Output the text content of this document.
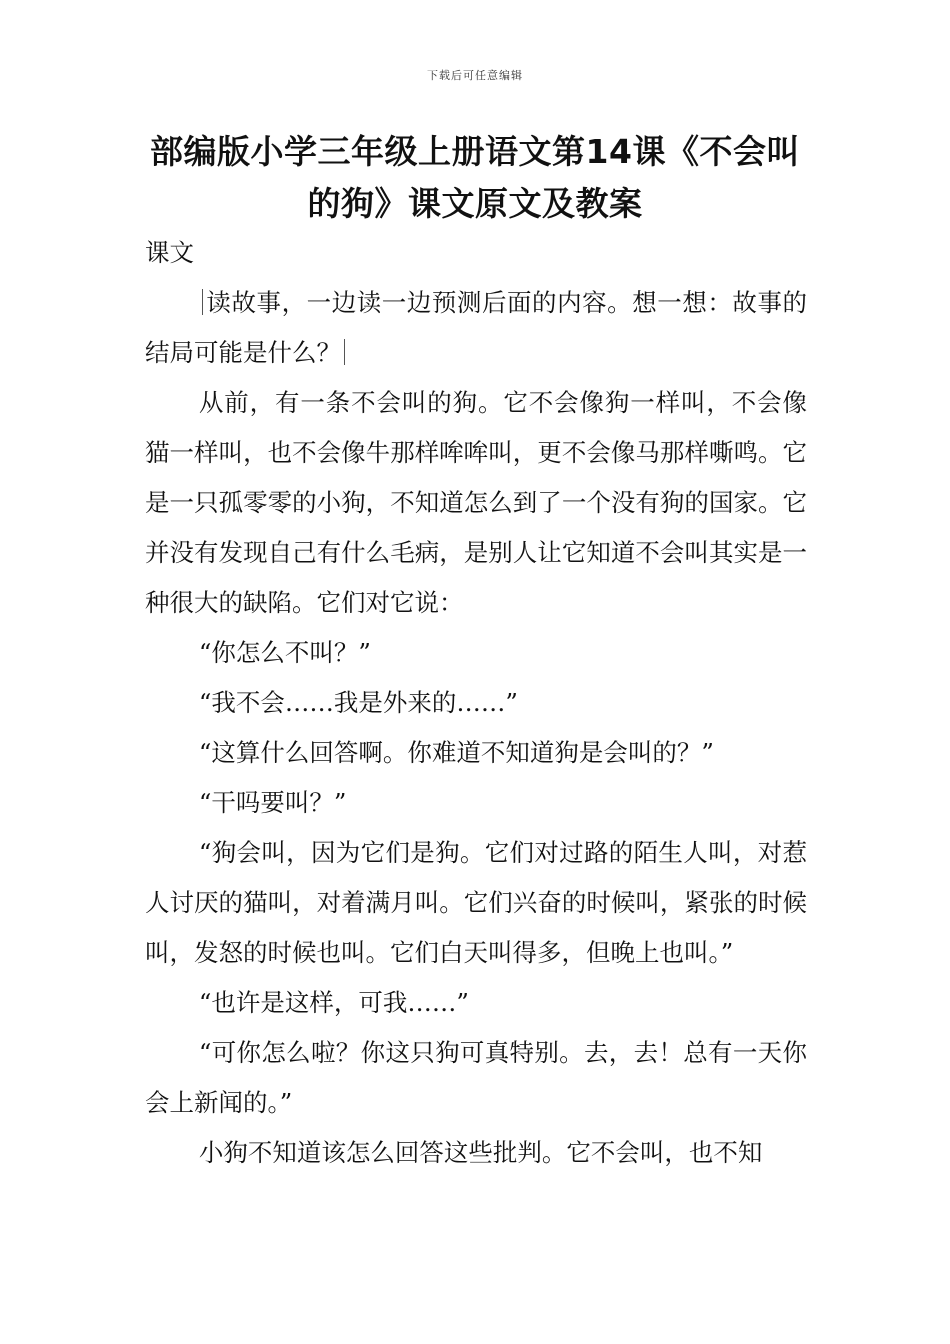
下载后可任意编辑
部编版小学三年级上册语文第14课《不会叫的狗》课文原文及教案

课文

读故事，一边读一边预测后面的内容。想一想：故事的结局可能是什么？

从前，有一条不会叫的狗。它不会像狗一样叫，不会像猫一样叫，也不会像牛那样哞哞叫，更不会像马那样嘶鸣。它是一只孤零零的小狗，不知道怎么到了一个没有狗的国家。它并没有发现自己有什么毛病，是别人让它知道不会叫其实是一种很大的缺陷。它们对它说：

“你怎么不叫？”

“我不会……我是外来的……”

“这算什么回答啊。你难道不知道狗是会叫的？”

“干吗要叫？”

“狗会叫，因为它们是狗。它们对过路的陌生人叫，对惹人讨厌的猫叫，对着满月叫。它们兴奋的时候叫，紧张的时候叫，发怒的时候也叫。它们白天叫得多，但晚上也叫。”

“也许是这样，可我……”

“可你怎么啦？你这只狗可真特别。去，去！总有一天你会上新闻的。”

小狗不知道该怎么回答这些批判。它不会叫，也不知
